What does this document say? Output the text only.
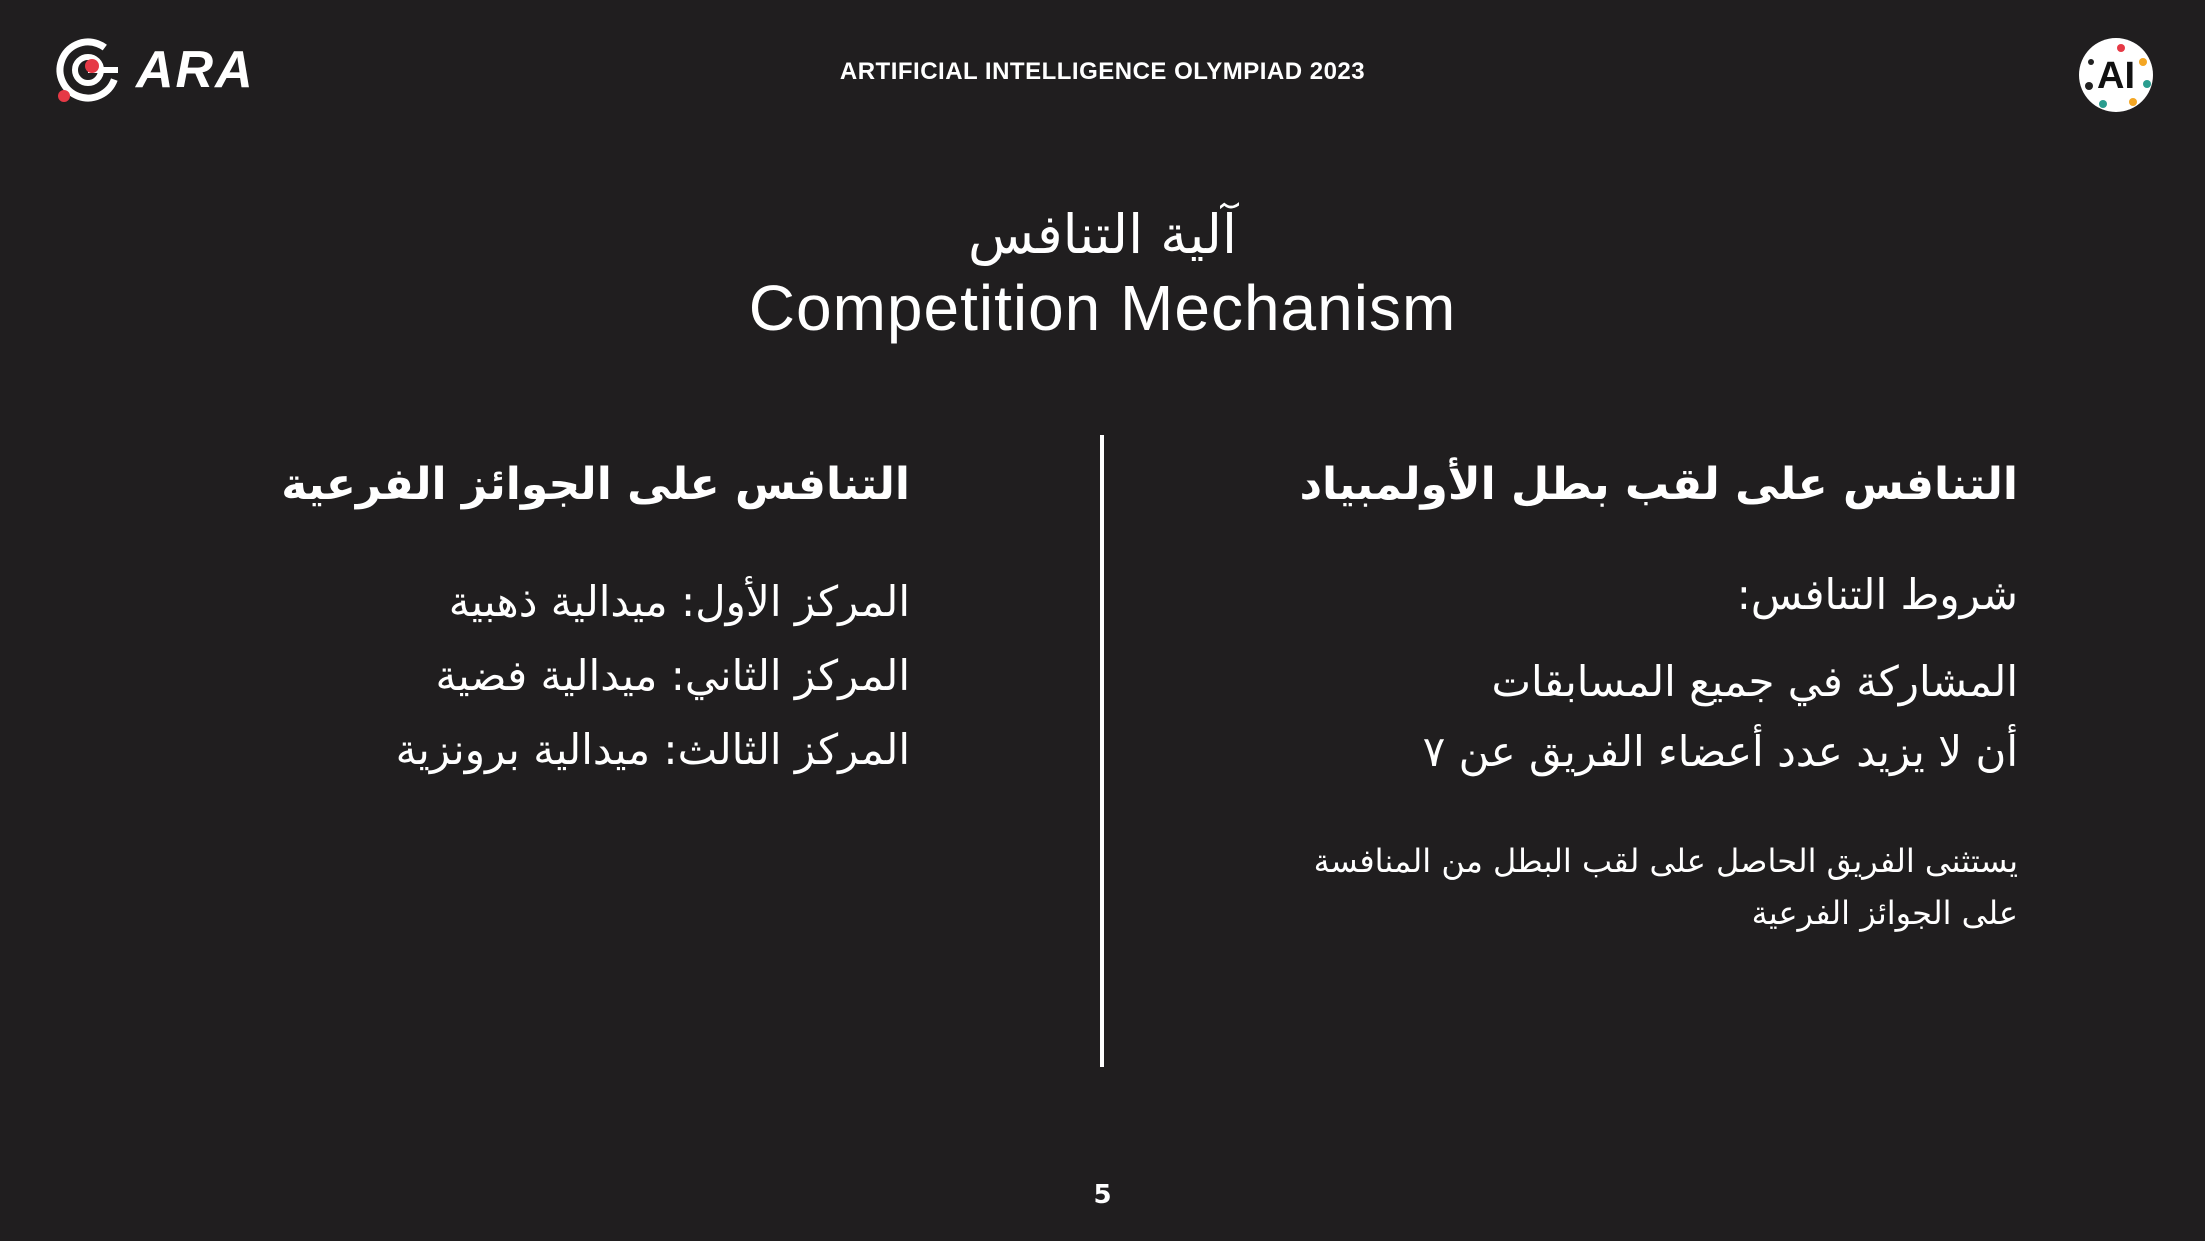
ARA	ARTIFICIAL INTELLIGENCE OLYMPIAD 2023	AI
آلية التنافس
Competition Mechanism
التنافس على لقب بطل الأولمبياد
شروط التنافس:
المشاركة في جميع المسابقات
أن لا يزيد عدد أعضاء الفريق عن ٧
يستثنى الفريق الحاصل على لقب البطل من المنافسة
على الجوائز الفرعية
التنافس على الجوائز الفرعية
المركز الأول: ميدالية ذهبية
المركز الثاني: ميدالية فضية
المركز الثالث: ميدالية برونزية
5
